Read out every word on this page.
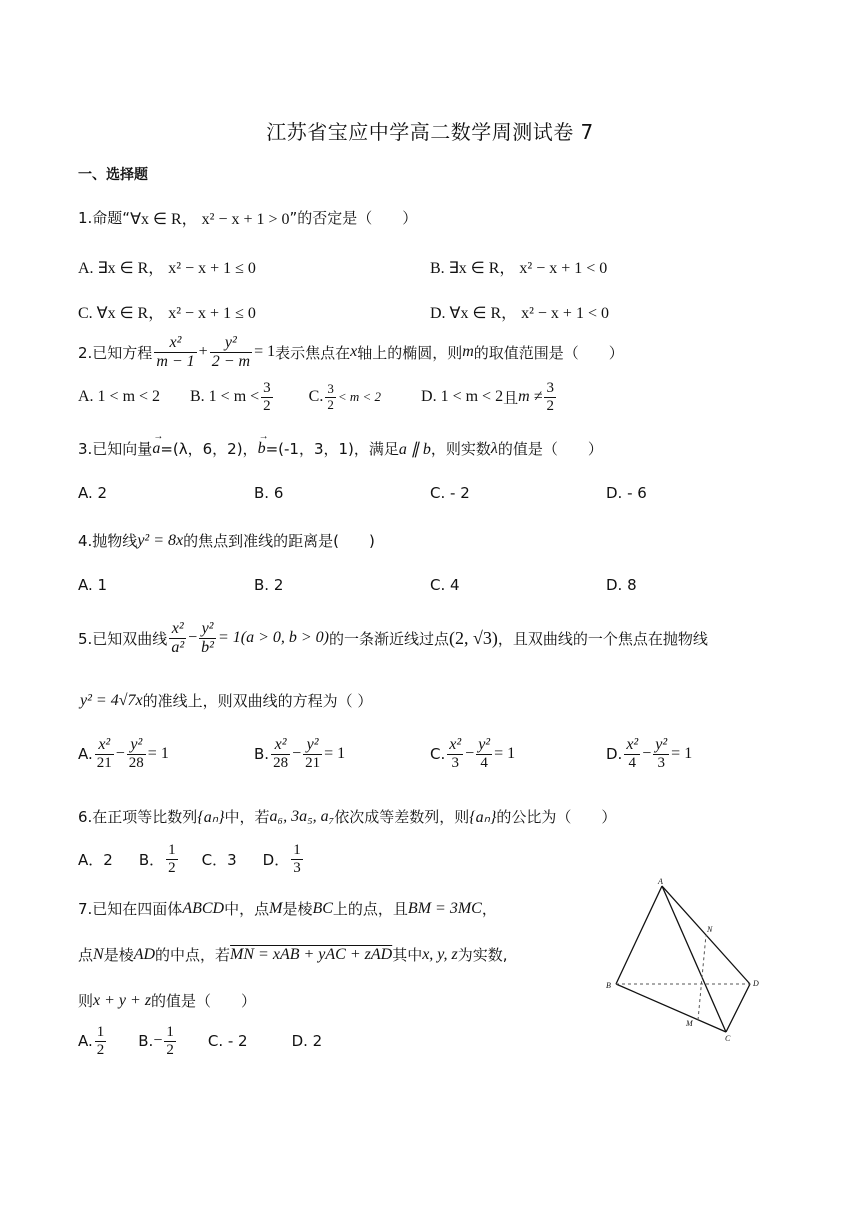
江苏省宝应中学高二数学周测试卷 7
一、选择题
1.命题“ ∀x ∈ R， x² − x + 1 > 0 ”的否定是（　　）
A. ∃x ∈ R， x² − x + 1 ≤ 0	B. ∃x ∈ R， x² − x + 1 < 0
C. ∀x ∈ R， x² − x + 1 ≤ 0	D. ∀x ∈ R， x² − x + 1 < 0
2.已知方程 $\frac{\text{x²}}{m - 1} + \frac{\text{y²}}{2 - m} = 1$ 表示焦点在 x 轴上的椭圆，则 m 的取值范围是（　　）
A. 1 < m < 2	B. $1 < m < \frac{3}{2} C$. $\frac{3}{2} < m < 2$	D. 1 < m < 2 且 $m \ne \frac{3}{2}$
3.已知向量
→
a =(λ，6，2)，
→
b =(-1，3，1)，满足 a ∥ b ，则实数 λ 的值是（　　）
A. 2	B. 6	C. - 2	D. - 6
4.抛物线 y² = 8x 的焦点到准线的距离是(　　)
A. 1	B. 2	C. 4	D. 8
5.已知双曲线 $\frac{\text{x²}}{\text{a²}} - \frac{\text{y²}}{\text{b²}} = 1(a > 0$, b > 0) 的一条渐近线过点 (2, √3) ，且双曲线的一个焦点在抛物线
y² = 4√7x 的准线上，则双曲线的方程为（ ）
A. $\frac{\text{x²}}{21} - \frac{\text{y²}}{28} = 1$	B. $\frac{\text{x²}}{28} - \frac{\text{y²}}{21} = 1$	C. $\frac{\text{x²}}{3} - \frac{\text{y²}}{4} = 1$	D. $\frac{\text{x²}}{4} - \frac{\text{y²}}{3} = 1$
6.在正项等比数列 {aₙ} 中，若 a₆, 3a₅, a₇ 依次成等差数列，则 {aₙ} 的公比为（　　）
A．2 B． $\frac{1}{2}$ C．3 D． $\frac{1}{3}$
7.已知在四面体 ABCD 中，点 M 是棱 BC 上的点，且 BM = 3MC ，
点 N 是棱 AD 的中点，若 MN = xAB + yAC + zAD 其中 x, y, z 为实数,
则 x + y + z 的值是（　　）
A. $\frac{1}{2} B$. − $\frac{1}{2} C$. - 2	D. 2
A
B
C
D
M
N
